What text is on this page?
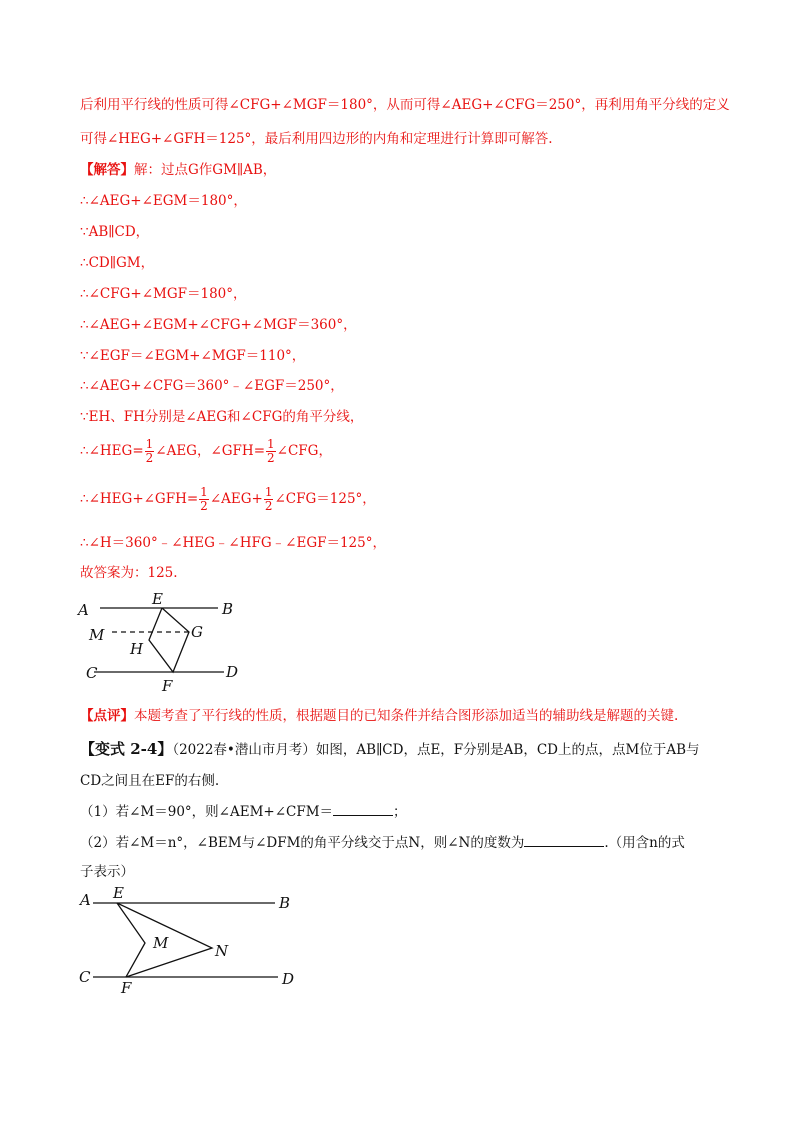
后利用平行线的性质可得∠CFG+∠MGF＝180°，从而可得∠AEG+∠CFG＝250°，再利用角平分线的定义
可得∠HEG+∠GFH＝125°，最后利用四边形的内角和定理进行计算即可解答.
【解答】解：过点G作GM∥AB，
∴∠AEG+∠EGM＝180°，
∵AB∥CD，
∴CD∥GM，
∴∠CFG+∠MGF＝180°，
∴∠AEG+∠EGM+∠CFG+∠MGF＝360°，
∵∠EGF＝∠EGM+∠MGF＝110°，
∴∠AEG+∠CFG＝360°﹣∠EGF＝250°，
∵EH、FH分别是∠AEG和∠CFG的角平分线，
∴∠HEG= $\frac{1}{2}$ ∠AEG，∠GFH= $\frac{1}{2}$ ∠CFG，
∴∠HEG+∠GFH= $\frac{1}{2}$ ∠AEG+ $\frac{1}{2}$ ∠CFG＝125°，
∴∠H＝360°﹣∠HEG﹣∠HFG﹣∠EGF＝125°，
故答案为：125.
A
E
B
M	G
H
C
F
D
【点评】本题考查了平行线的性质，根据题目的已知条件并结合图形添加适当的辅助线是解题的关键.
【变式 2-4】（2022春•潜山市月考）如图，AB∥CD，点E，F分别是AB，CD上的点，点M位于AB与
CD之间且在EF的右侧.
（1）若∠M＝90°，则∠AEM+∠CFM＝	；
（2）若∠M＝n°，∠BEM与∠DFM的角平分线交于点N，则∠N的度数为	.（用含n的式
子表示）
A E
B
M	N
C
F	D
